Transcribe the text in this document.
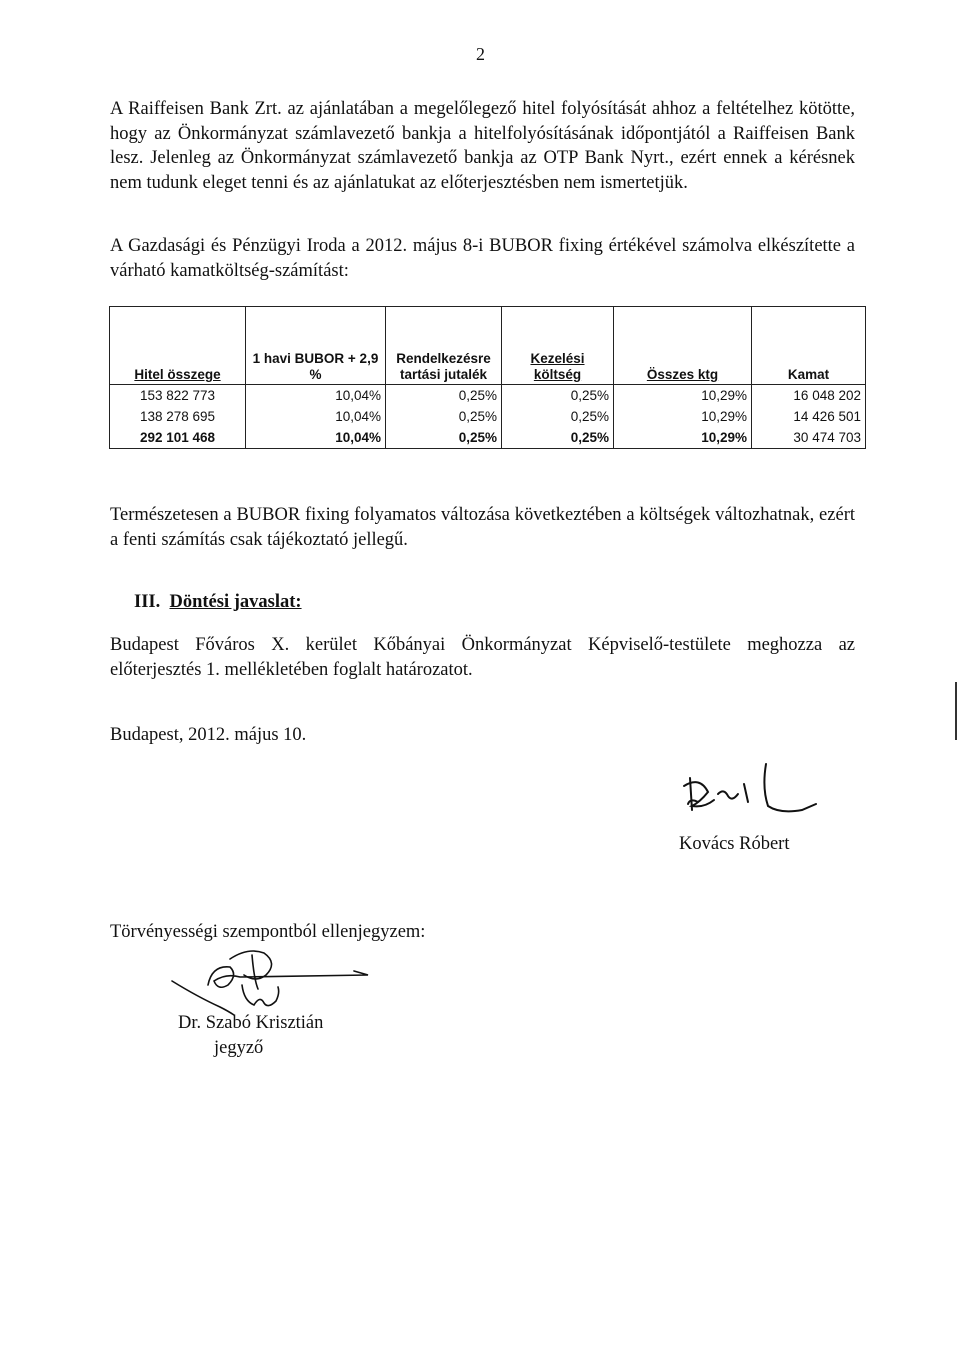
2

A Raiffeisen Bank Zrt. az ajánlatában a megelőlegező hitel folyósítását ahhoz a feltételhez kötötte, hogy az Önkormányzat számlavezető bankja a hitelfolyósításának időpontjától a Raiffeisen Bank lesz. Jelenleg az Önkormányzat számlavezető bankja az OTP Bank Nyrt., ezért ennek a kérésnek nem tudunk eleget tenni és az ajánlatukat az előterjesztésben nem ismertetjük.

A Gazdasági és Pénzügyi Iroda a 2012. május 8-i BUBOR fixing értékével számolva elkészítette a várható kamatköltség-számítást:

Hitel összege	1 havi BUBOR + 2,9 %	Rendelkezésre tartási jutalék	Kezelési költség	Összes ktg	Kamat
153 822 773	10,04%	0,25%	0,25%	10,29%	16 048 202
138 278 695	10,04%	0,25%	0,25%	10,29%	14 426 501
292 101 468	10,04%	0,25%	0,25%	10,29%	30 474 703

Természetesen a BUBOR fixing folyamatos változása következtében a költségek változhatnak, ezért a fenti számítás csak tájékoztató jellegű.

III. Döntési javaslat:

Budapest Főváros X. kerület Kőbányai Önkormányzat Képviselő-testülete meghozza az előterjesztés 1. mellékletében foglalt határozatot.

Budapest, 2012. május 10.
Kovács Róbert
Törvényességi szempontból ellenjegyzem:
Dr. Szabó Krisztián
jegyző
